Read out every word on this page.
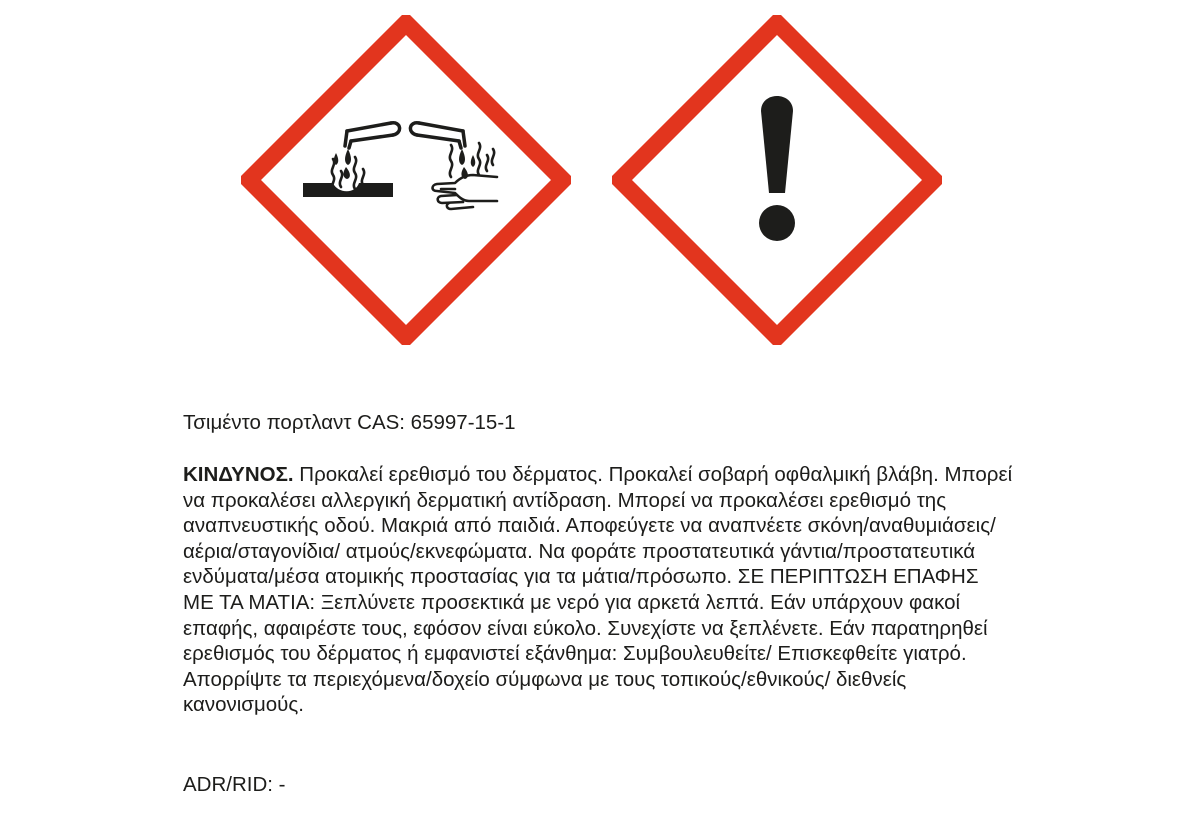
Τσιμέντο πορτλαντ CAS: 65997-15-1
ΚΙΝΔΥΝΟΣ. Προκαλεί ερεθισμό του δέρματος. Προκαλεί σοβαρή οφθαλμική βλάβη. Μπορεί να προκαλέσει αλλεργική δερματική αντίδραση. Μπορεί να προκαλέσει ερεθισμό της αναπνευστικής οδού. Μακριά από παιδιά. Αποφεύγετε να αναπνέετε σκόνη/αναθυμιάσεις/αέρια/σταγονίδια/ ατμούς/εκνεφώματα. Να φοράτε προστατευτικά γάντια/προστατευτικά ενδύματα/μέσα ατομικής προστασίας για τα μάτια/πρόσωπο. ΣΕ ΠΕΡΙΠΤΩΣΗ ΕΠΑΦΗΣ ΜΕ ΤΑ ΜΑΤΙΑ: Ξεπλύνετε προσεκτικά με νερό για αρκετά λεπτά. Εάν υπάρχουν φακοί επαφής, αφαιρέστε τους, εφόσον είναι εύκολο. Συνεχίστε να ξεπλένετε. Εάν παρατηρηθεί ερεθισμός του δέρματος ή εμφανιστεί εξάνθημα: Συμβουλευθείτε/ Επισκεφθείτε γιατρό. Απορρίψτε τα περιεχόμενα/δοχείο σύμφωνα με τους τοπικούς/εθνικούς/ διεθνείς κανονισμούς.
ADR/RID: -
